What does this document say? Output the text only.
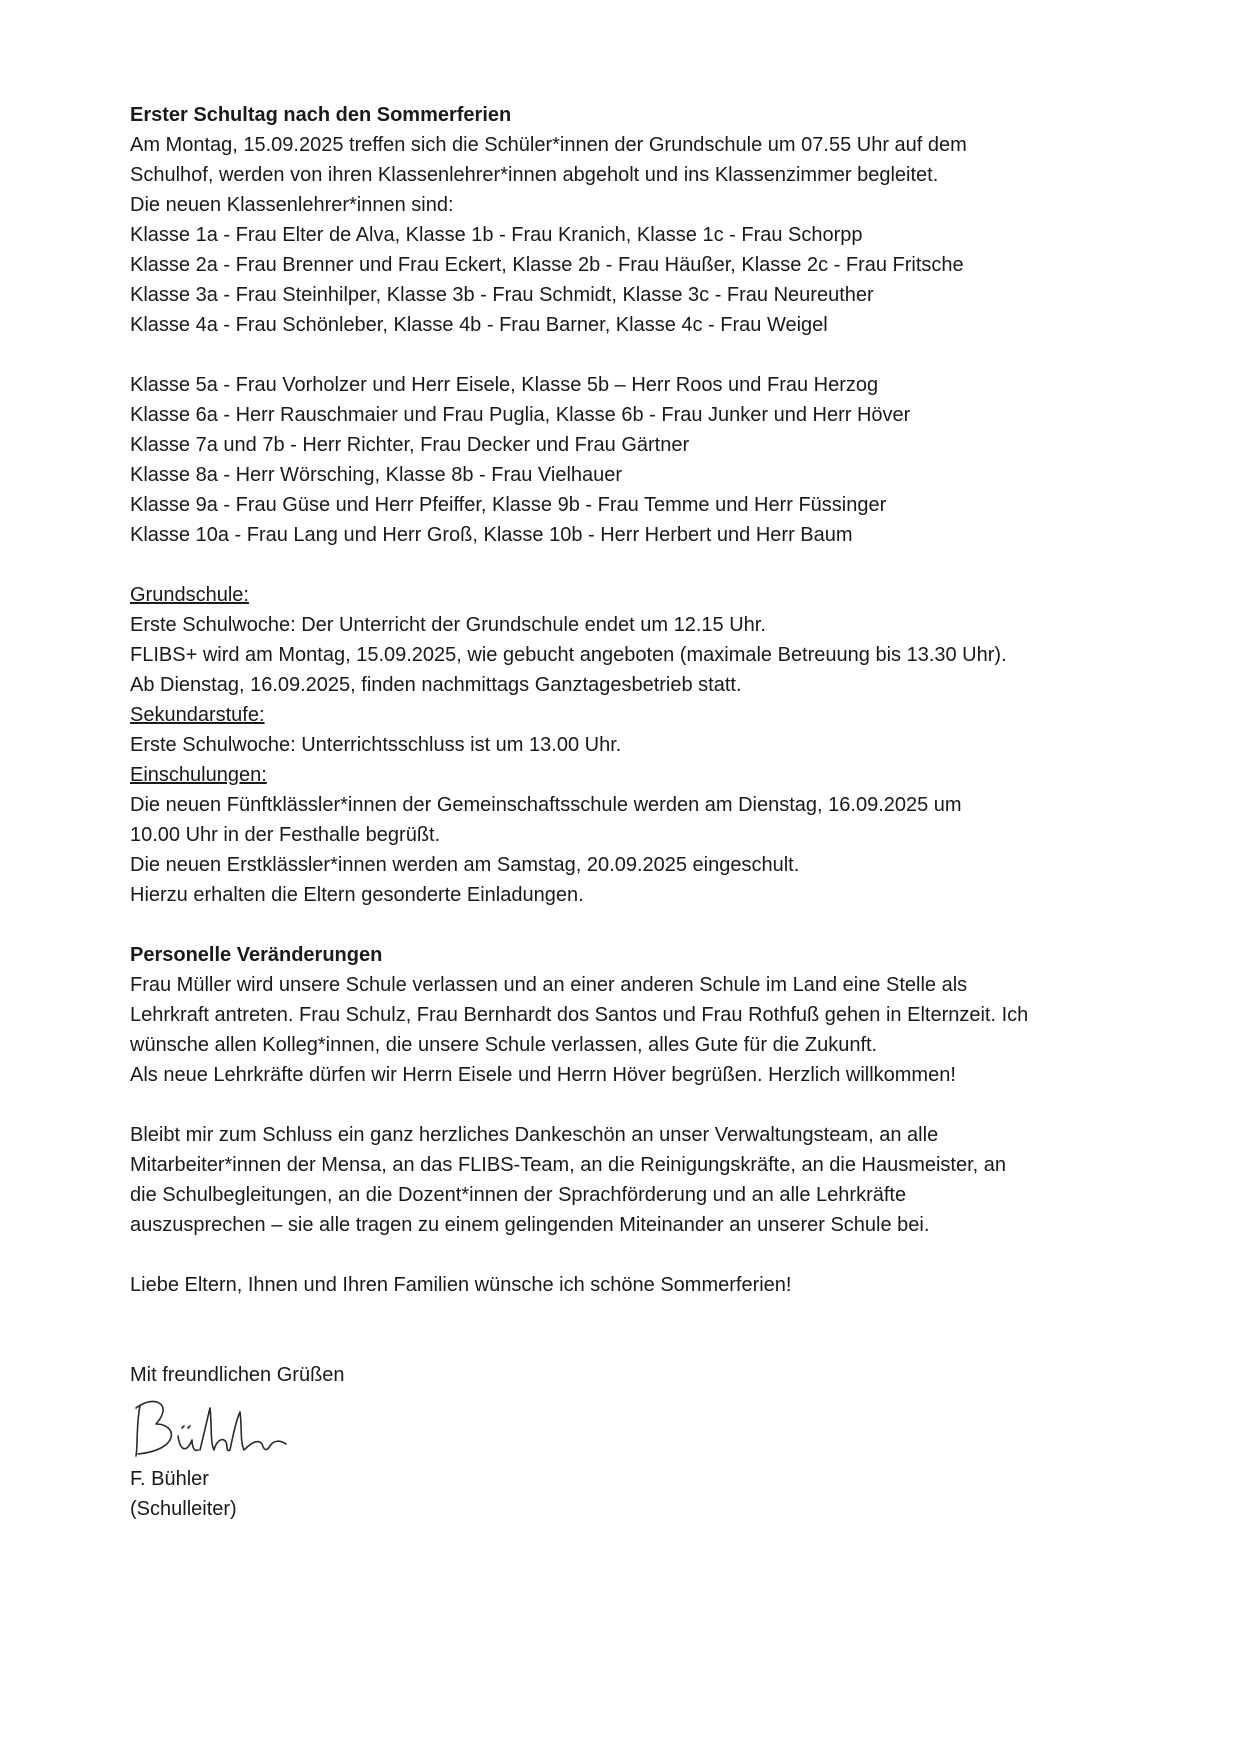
Erster Schultag nach den Sommerferien
Am Montag, 15.09.2025 treffen sich die Schüler*innen der Grundschule um 07.55 Uhr auf dem
Schulhof, werden von ihren Klassenlehrer*innen abgeholt und ins Klassenzimmer begleitet.
Die neuen Klassenlehrer*innen sind:
Klasse 1a - Frau Elter de Alva, Klasse 1b - Frau Kranich, Klasse 1c - Frau Schorpp
Klasse 2a - Frau Brenner und Frau Eckert, Klasse 2b - Frau Häußer, Klasse 2c - Frau Fritsche
Klasse 3a - Frau Steinhilper, Klasse 3b - Frau Schmidt, Klasse 3c - Frau Neureuther
Klasse 4a - Frau Schönleber, Klasse 4b - Frau Barner, Klasse 4c - Frau Weigel
Klasse 5a - Frau Vorholzer und Herr Eisele, Klasse 5b – Herr Roos und Frau Herzog
Klasse 6a - Herr Rauschmaier und Frau Puglia, Klasse 6b - Frau Junker und Herr Höver
Klasse 7a und 7b - Herr Richter, Frau Decker und Frau Gärtner
Klasse 8a - Herr Wörsching, Klasse 8b - Frau Vielhauer
Klasse 9a - Frau Güse und Herr Pfeiffer, Klasse 9b - Frau Temme und Herr Füssinger
Klasse 10a - Frau Lang und Herr Groß, Klasse 10b - Herr Herbert und Herr Baum
Grundschule:
Erste Schulwoche: Der Unterricht der Grundschule endet um 12.15 Uhr.
FLIBS+ wird am Montag, 15.09.2025, wie gebucht angeboten (maximale Betreuung bis 13.30 Uhr).
Ab Dienstag, 16.09.2025, finden nachmittags Ganztagesbetrieb statt.
Sekundarstufe:
Erste Schulwoche: Unterrichtsschluss ist um 13.00 Uhr.
Einschulungen:
Die neuen Fünftklässler*innen der Gemeinschaftsschule werden am Dienstag, 16.09.2025 um
10.00 Uhr in der Festhalle begrüßt.
Die neuen Erstklässler*innen werden am Samstag, 20.09.2025 eingeschult.
Hierzu erhalten die Eltern gesonderte Einladungen.
Personelle Veränderungen
Frau Müller wird unsere Schule verlassen und an einer anderen Schule im Land eine Stelle als
Lehrkraft antreten. Frau Schulz, Frau Bernhardt dos Santos und Frau Rothfuß gehen in Elternzeit. Ich
wünsche allen Kolleg*innen, die unsere Schule verlassen, alles Gute für die Zukunft.
Als neue Lehrkräfte dürfen wir Herrn Eisele und Herrn Höver begrüßen. Herzlich willkommen!
Bleibt mir zum Schluss ein ganz herzliches Dankeschön an unser Verwaltungsteam, an alle
Mitarbeiter*innen der Mensa, an das FLIBS-Team, an die Reinigungskräfte, an die Hausmeister, an
die Schulbegleitungen, an die Dozent*innen der Sprachförderung und an alle Lehrkräfte
auszusprechen – sie alle tragen zu einem gelingenden Miteinander an unserer Schule bei.
Liebe Eltern, Ihnen und Ihren Familien wünsche ich schöne Sommerferien!
Mit freundlichen Grüßen
F. Bühler
(Schulleiter)
